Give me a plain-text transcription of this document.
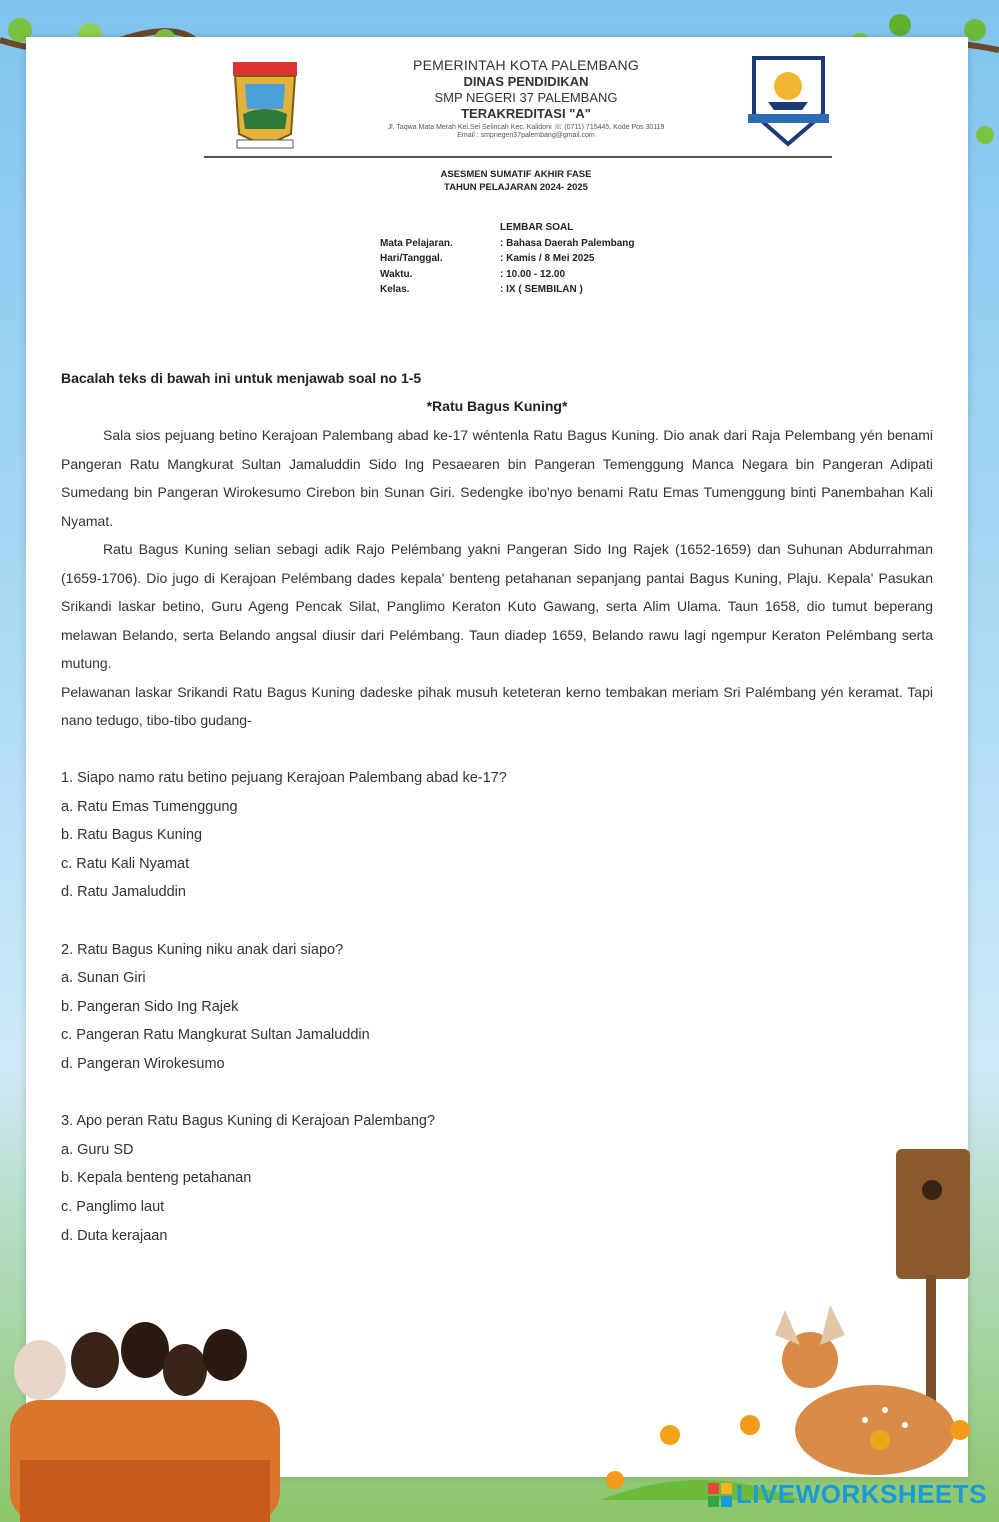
PEMERINTAH KOTA PALEMBANG
DINAS PENDIDIKAN
SMP NEGERI 37 PALEMBANG
TERAKREDITASI "A"
Jl. Taqwa Mata Merah Kel.Sei Selincah Kec. Kalidoni ☏ (0711) 715445, Kode Pos 30119
Email : smpnegeri37palembang@gmail.com
ASESMEN SUMATIF AKHIR FASE
TAHUN PELAJARAN 2024- 2025
LEMBAR SOAL
Mata Pelajaran.	: Bahasa Daerah Palembang
Hari/Tanggal.	: Kamis / 8 Mei 2025
Waktu.	: 10.00 - 12.00
Kelas.	: IX ( SEMBILAN )
Bacalah teks di bawah ini untuk menjawab soal no 1-5
*Ratu Bagus Kuning*

Sala sios pejuang betino Kerajoan Palembang abad ke-17 wéntenla Ratu Bagus Kuning. Dio anak dari Raja Pelembang yén benami Pangeran Ratu Mangkurat Sultan Jamaluddin Sido Ing Pesaearen bin Pangeran Temenggung Manca Negara bin Pangeran Adipati Sumedang bin Pangeran Wirokesumo Cirebon bin Sunan Giri. Sedengke ibo'nyo benami Ratu Emas Tumenggung binti Panembahan Kali Nyamat.

Ratu Bagus Kuning selian sebagi adik Rajo Pelémbang yakni Pangeran Sido Ing Rajek (1652-1659) dan Suhunan Abdurrahman (1659-1706). Dio jugo di Kerajoan Pelémbang dades kepala' benteng petahanan sepanjang pantai Bagus Kuning, Plaju. Kepala' Pasukan Srikandi laskar betino, Guru Ageng Pencak Silat, Panglimo Keraton Kuto Gawang, serta Alim Ulama. Taun 1658, dio tumut beperang melawan Belando, serta Belando angsal diusir dari Pelémbang. Taun diadep 1659, Belando rawu lagi ngempur Keraton Pelémbang serta mutung.

Pelawanan laskar Srikandi Ratu Bagus Kuning dadeske pihak musuh keteteran kerno tembakan meriam Sri Palémbang yén keramat. Tapi nano tedugo, tibo-tibo gudang-

1. Siapo namo ratu betino pejuang Kerajoan Palembang abad ke-17?
a. Ratu Emas Tumenggung
b. Ratu Bagus Kuning
c. Ratu Kali Nyamat
d. Ratu Jamaluddin
2. Ratu Bagus Kuning niku anak dari siapo?
a. Sunan Giri
b. Pangeran Sido Ing Rajek
c. Pangeran Ratu Mangkurat Sultan Jamaluddin
d. Pangeran Wirokesumo
3. Apo peran Ratu Bagus Kuning di Kerajoan Palembang?
a. Guru SD
b. Kepala benteng petahanan
c. Panglimo laut
d. Duta kerajaan
LIVEWORKSHEETS
